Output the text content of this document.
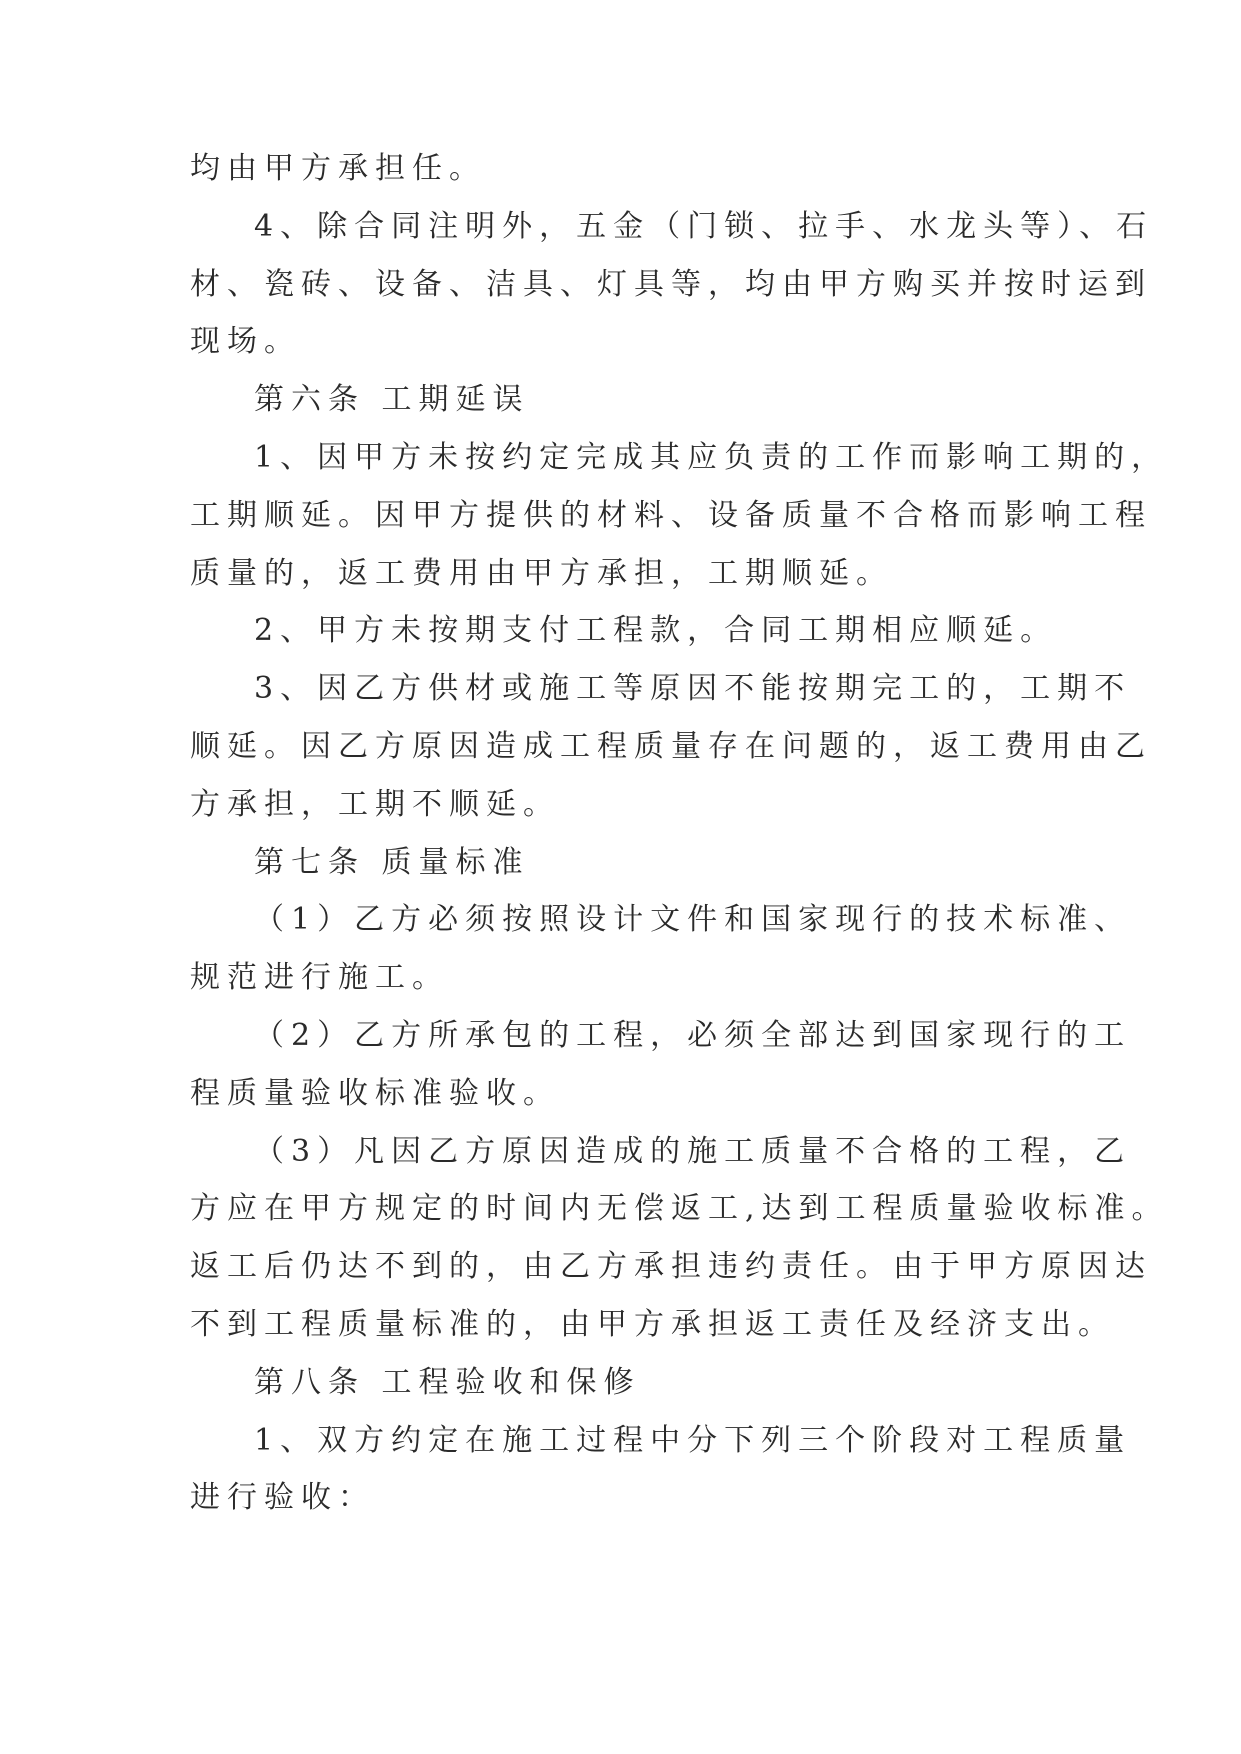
均由甲方承担任。
4、除合同注明外，五金（门锁、拉手、水龙头等）、石
材、瓷砖、设备、洁具、灯具等，均由甲方购买并按时运到
现场。
第六条 工期延误
1、因甲方未按约定完成其应负责的工作而影响工期的，
工期顺延。因甲方提供的材料、设备质量不合格而影响工程
质量的，返工费用由甲方承担，工期顺延。
2、甲方未按期支付工程款，合同工期相应顺延。
3、因乙方供材或施工等原因不能按期完工的，工期不
顺延。因乙方原因造成工程质量存在问题的，返工费用由乙
方承担，工期不顺延。
第七条 质量标准
（1）乙方必须按照设计文件和国家现行的技术标准、
规范进行施工。
（2）乙方所承包的工程，必须全部达到国家现行的工
程质量验收标准验收。
（3）凡因乙方原因造成的施工质量不合格的工程，乙
方应在甲方规定的时间内无偿返工,达到工程质量验收标准。
返工后仍达不到的，由乙方承担违约责任。由于甲方原因达
不到工程质量标准的，由甲方承担返工责任及经济支出。
第八条 工程验收和保修
1、双方约定在施工过程中分下列三个阶段对工程质量
进行验收：
